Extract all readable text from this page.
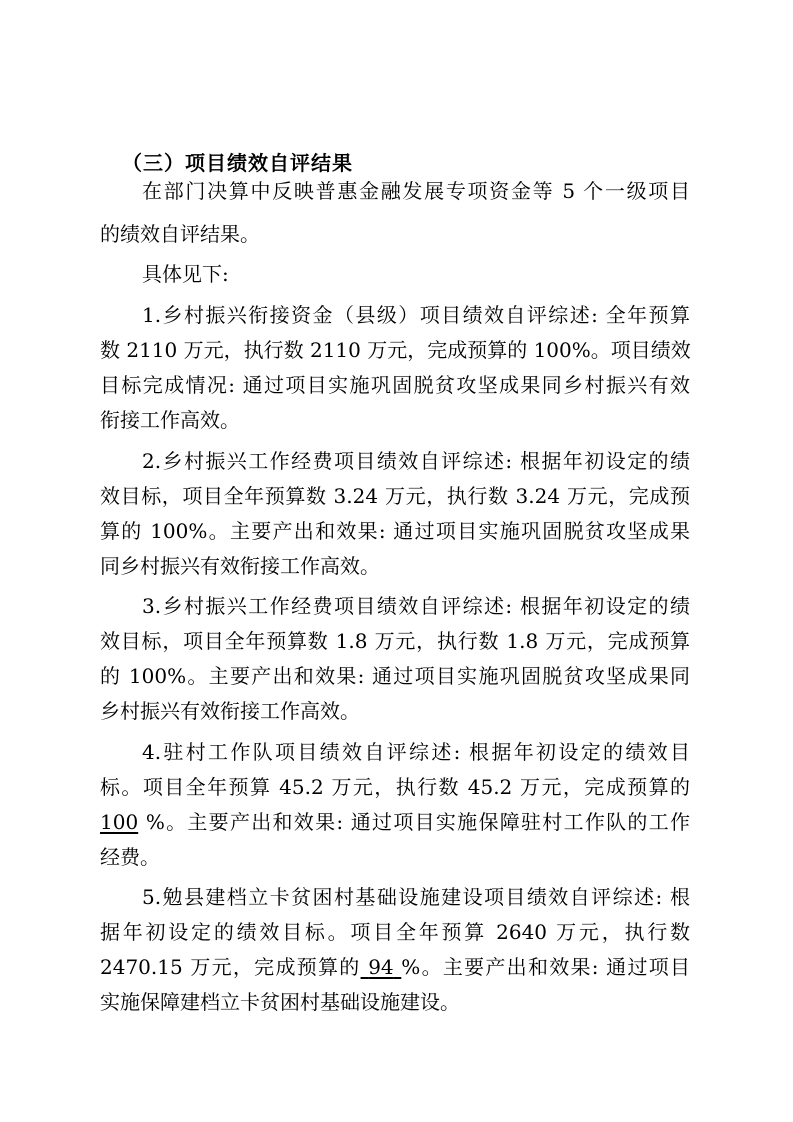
（三）项目绩效自评结果
在部门决算中反映普惠金融发展专项资金等 5 个一级项目
的绩效自评结果。
具体见下:
1.乡村振兴衔接资金（县级）项目绩效自评综述: 全年预算
数 2110 万元，执行数 2110 万元，完成预算的 100%。项目绩效
目标完成情况: 通过项目实施巩固脱贫攻坚成果同乡村振兴有效
衔接工作高效。
2.乡村振兴工作经费项目绩效自评综述: 根据年初设定的绩
效目标，项目全年预算数 3.24 万元，执行数 3.24 万元，完成预
算的 100%。主要产出和效果: 通过项目实施巩固脱贫攻坚成果
同乡村振兴有效衔接工作高效。
3.乡村振兴工作经费项目绩效自评综述: 根据年初设定的绩
效目标，项目全年预算数 1.8 万元，执行数 1.8 万元，完成预算
的 100%。主要产出和效果: 通过项目实施巩固脱贫攻坚成果同
乡村振兴有效衔接工作高效。
4.驻村工作队项目绩效自评综述: 根据年初设定的绩效目
标。项目全年预算 45.2 万元，执行数 45.2 万元，完成预算的
100 %。主要产出和效果: 通过项目实施保障驻村工作队的工作
经费。
5.勉县建档立卡贫困村基础设施建设项目绩效自评综述: 根
据年初设定的绩效目标。项目全年预算 2640 万元，执行数
2470.15 万元，完成预算的 94 %。主要产出和效果: 通过项目
实施保障建档立卡贫困村基础设施建设。
